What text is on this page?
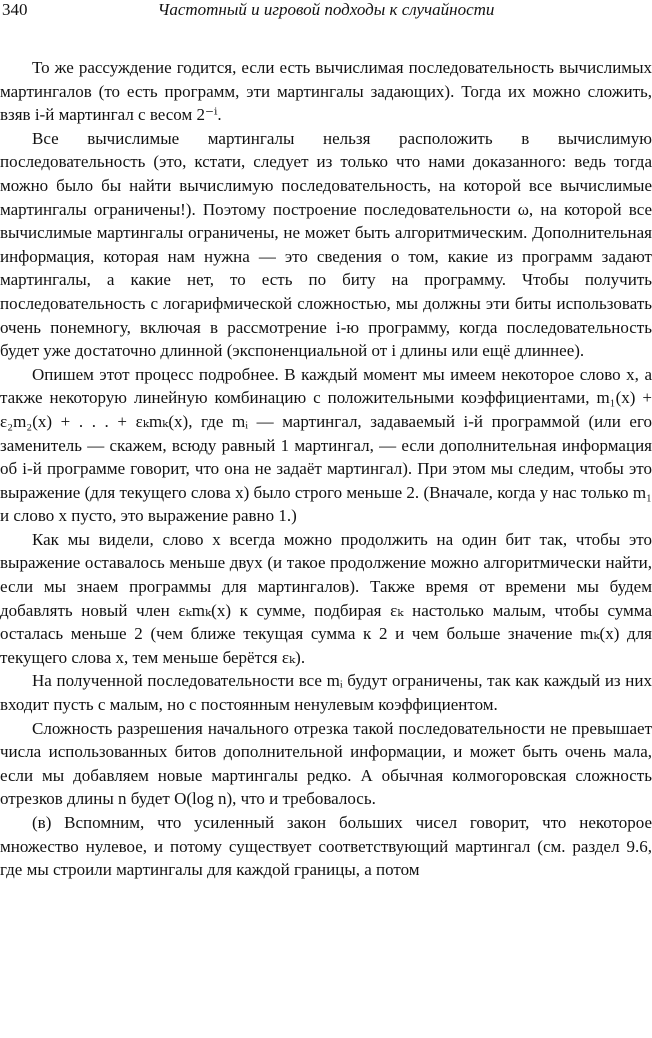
340	Частотный и игровой подходы к случайности

То же рассуждение годится, если есть вычислимая последовательность вычислимых мартингалов (то есть программ, эти мартингалы задающих). Тогда их можно сложить, взяв i-й мартингал с весом 2⁻ⁱ.

Все вычислимые мартингалы нельзя расположить в вычислимую последовательность (это, кстати, следует из только что нами доказанного: ведь тогда можно было бы найти вычислимую последовательность, на которой все вычислимые мартингалы ограничены!). Поэтому построение последовательности ω, на которой все вычислимые мартингалы ограничены, не может быть алгоритмическим. Дополнительная информация, которая нам нужна — это сведения о том, какие из программ задают мартингалы, а какие нет, то есть по биту на программу. Чтобы получить последовательность с логарифмической сложностью, мы должны эти биты использовать очень понемногу, включая в рассмотрение i-ю программу, когда последовательность будет уже достаточно длинной (экспоненциальной от i длины или ещё длиннее).

Опишем этот процесс подробнее. В каждый момент мы имеем некоторое слово x, а также некоторую линейную комбинацию с положительными коэффициентами, m₁(x) + ε₂m₂(x) + . . . + εₖmₖ(x), где mᵢ — мартингал, задаваемый i-й программой (или его заменитель — скажем, всюду равный 1 мартингал, — если дополнительная информация об i-й программе говорит, что она не задаёт мартингал). При этом мы следим, чтобы это выражение (для текущего слова x) было строго меньше 2. (Вначале, когда у нас только m₁ и слово x пусто, это выражение равно 1.)

Как мы видели, слово x всегда можно продолжить на один бит так, чтобы это выражение оставалось меньше двух (и такое продолжение можно алгоритмически найти, если мы знаем программы для мартингалов). Также время от времени мы будем добавлять новый член εₖmₖ(x) к сумме, подбирая εₖ настолько малым, чтобы сумма осталась меньше 2 (чем ближе текущая сумма к 2 и чем больше значение mₖ(x) для текущего слова x, тем меньше берётся εₖ).

На полученной последовательности все mᵢ будут ограничены, так как каждый из них входит пусть с малым, но с постоянным ненулевым коэффициентом.

Сложность разрешения начального отрезка такой последовательности не превышает числа использованных битов дополнительной информации, и может быть очень мала, если мы добавляем новые мартингалы редко. А обычная колмогоровская сложность отрезков длины n будет O(log n), что и требовалось.

(в) Вспомним, что усиленный закон больших чисел говорит, что некоторое множество нулевое, и потому существует соответствующий мартингал (см. раздел 9.6, где мы строили мартингалы для каждой границы, а потом
